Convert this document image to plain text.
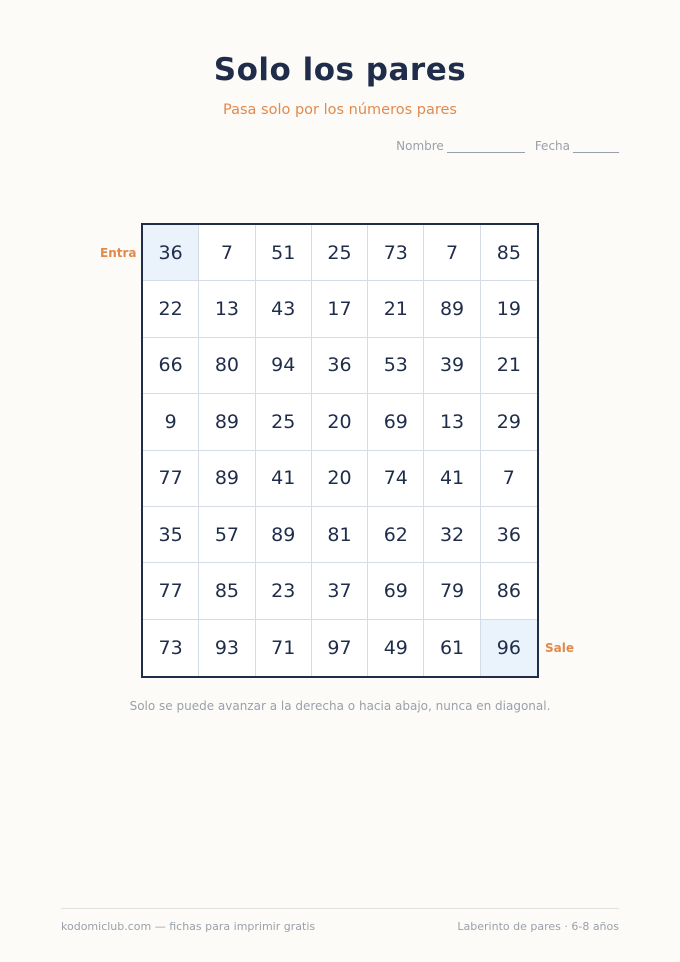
Solo los pares
Pasa solo por los números pares
Nombre	Fecha
Entra	36	7	51	25	73	7	85
22	13	43	17	21	89	19
66	80	94	36	53	39	21
9	89	25	20	69	13	29
77	89	41	20	74	41	7
35	57	89	81	62	32	36
77	85	23	37	69	79	86
73	93	71	97	49	61	96	Sale
Solo se puede avanzar a la derecha o hacia abajo, nunca en diagonal.
kodomiclub.com — fichas para imprimir gratis	Laberinto de pares · 6-8 años
